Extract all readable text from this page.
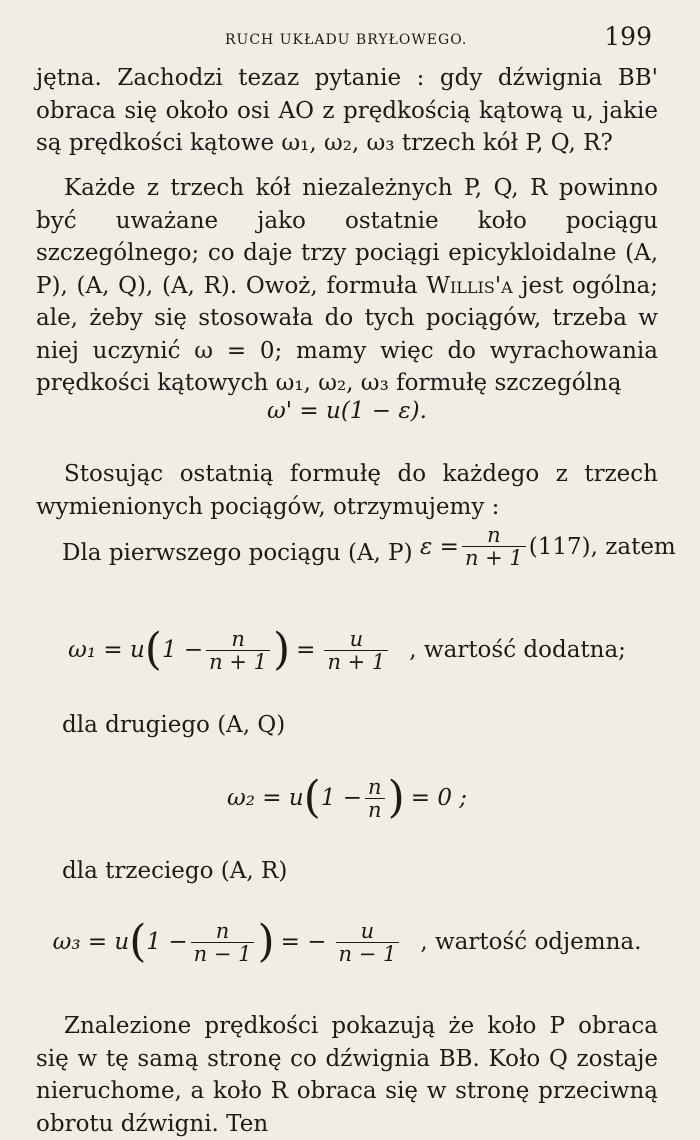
RUCH UKŁADU BRYŁOWEGO.	199
jętna. Zachodzi tezaz pytanie : gdy dźwignia BB' obraca się około osi AO z prędkością kątową u, jakie są prędkości kątowe ω₁, ω₂, ω₃ trzech kół P, Q, R?
Każde z trzech kół niezależnych P, Q, R powinno być uważane jako ostatnie koło pociągu szczególnego; co daje trzy pociągi epicykloidalne (A, P), (A, Q), (A, R). Owoż, formuła Willis'a jest ogólna; ale, żeby się stosowała do tych pociągów, trzeba w niej uczynić ω = 0; mamy więc do wyrachowania prędkości kątowych ω₁, ω₂, ω₃ formułę szczególną
ω' = u(1 − ε).
Stosując ostatnią formułę do każdego z trzech wymienionych pociągów, otrzymujemy :
Dla pierwszego pociągu (A, P) $\varepsilon = \frac{n}{n + 1} (117)$, zatem
ω₁ = u ( $1 - \frac{n}{n + 1}$ ) = $\frac{u}{n + 1}$ , wartość dodatna;
dla drugiego (A, Q)
ω₂ = u ( $1 - \frac{n}{n}$ ) = 0 ;
dla trzeciego (A, R)
ω₃ = u ( $1 - \frac{n}{n - 1}$ ) = − $\frac{u}{n - 1}$ , wartość odjemna.
Znalezione prędkości pokazują że koło P obraca się w tę samą stronę co dźwignia BB. Koło Q zostaje nieruchome, a koło R obraca się w stronę przeciwną obrotu dźwigni. Ten
